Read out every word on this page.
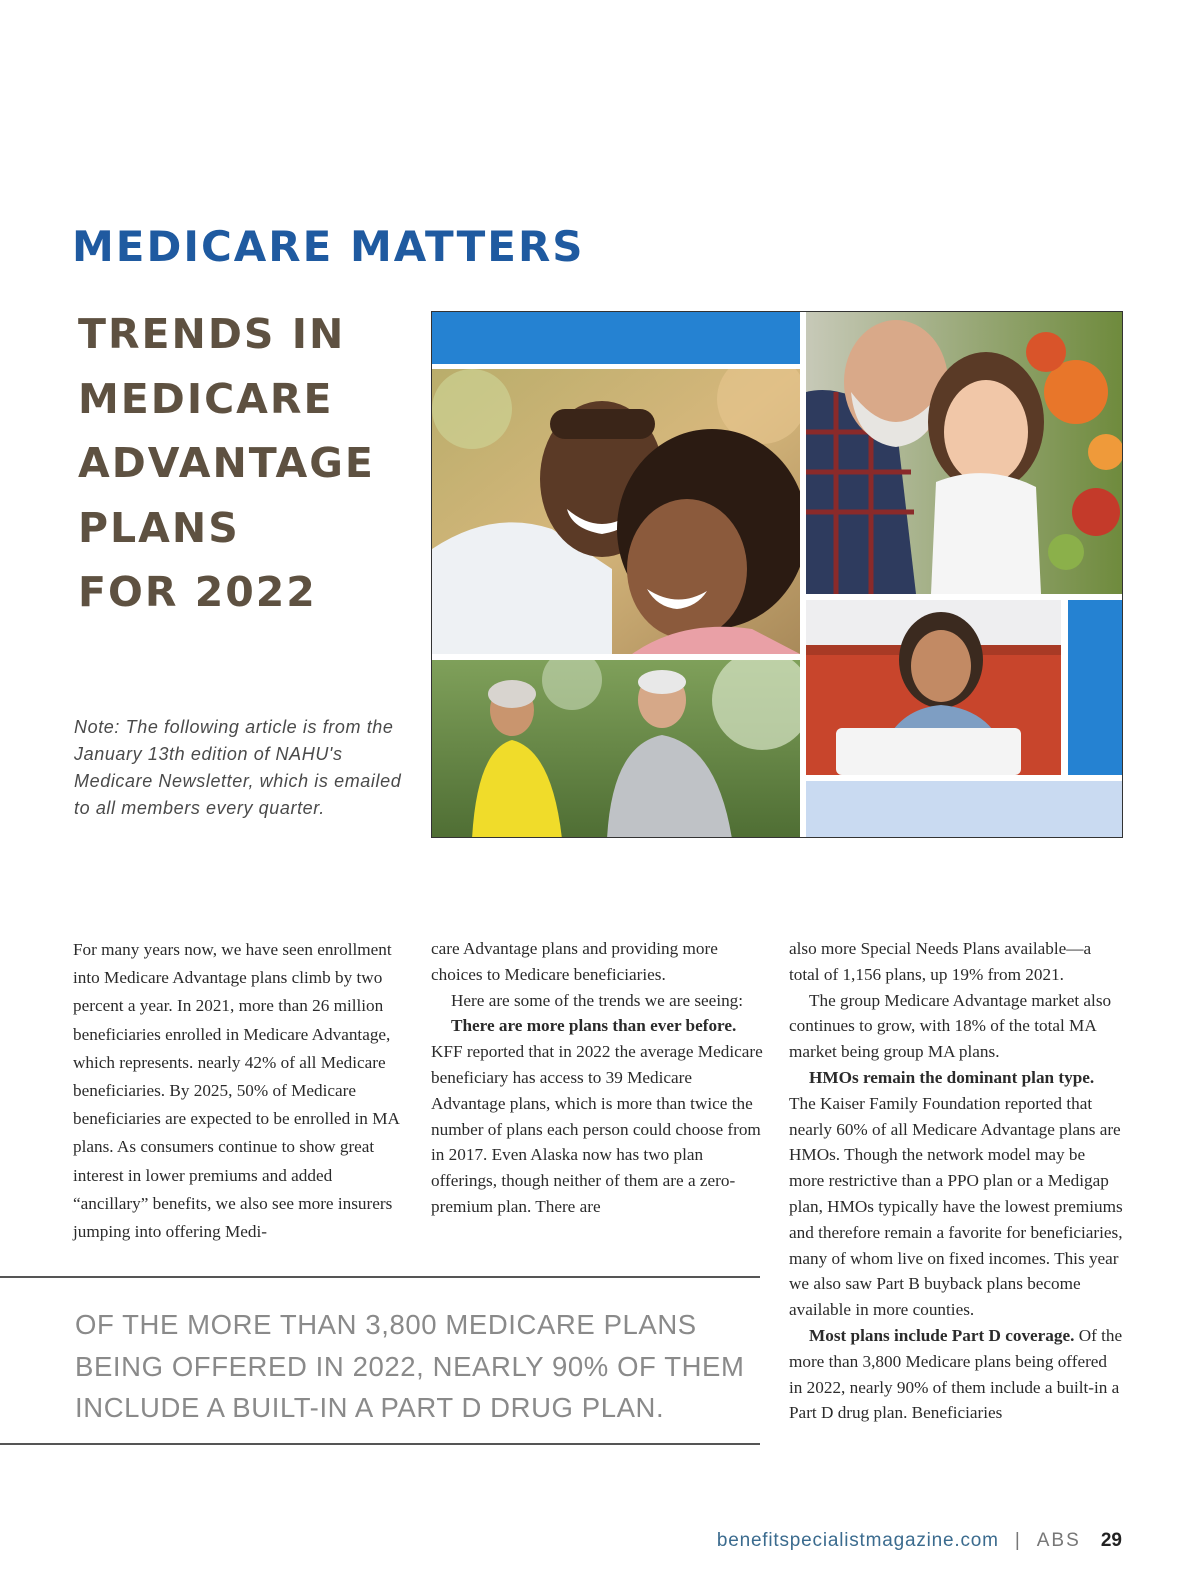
MEDICARE MATTERS
TRENDS IN
MEDICARE
ADVANTAGE
PLANS
FOR 2022
Note: The following article is from the January 13th edition of NAHU's Medicare Newsletter, which is emailed to all members every quarter.

For many years now, we have seen enrollment into Medicare Advantage plans climb by two percent a year. In 2021, more than 26 million beneficiaries enrolled in Medicare Advantage, which represents. nearly 42% of all Medicare beneficiaries. By 2025, 50% of Medicare beneficiaries are expected to be enrolled in MA plans. As consumers continue to show great interest in lower premiums and added “ancillary” benefits, we also see more insurers jumping into offering Medi-

care Advantage plans and providing more choices to Medicare beneficiaries.

Here are some of the trends we are seeing:

There are more plans than ever before. KFF reported that in 2022 the average Medicare beneficiary has access to 39 Medicare Advantage plans, which is more than twice the number of plans each person could choose from in 2017. Even Alaska now has two plan offerings, though neither of them are a zero-premium plan. There are

also more Special Needs Plans available—a total of 1,156 plans, up 19% from 2021.

The group Medicare Advantage market also continues to grow, with 18% of the total MA market being group MA plans.

HMOs remain the dominant plan type. The Kaiser Family Foundation reported that nearly 60% of all Medicare Advantage plans are HMOs. Though the network model may be more restrictive than a PPO plan or a Medigap plan, HMOs typically have the lowest premiums and therefore remain a favorite for beneficiaries, many of whom live on fixed incomes. This year we also saw Part B buyback plans become available in more counties.

Most plans include Part D coverage. Of the more than 3,800 Medicare plans being offered in 2022, nearly 90% of them include a built-in a Part D drug plan. Beneficiaries

OF THE MORE THAN 3,800 MEDICARE PLANS BEING OFFERED IN 2022, NEARLY 90% OF THEM INCLUDE A BUILT-IN A PART D DRUG PLAN.
benefitspecialistmagazine.com | ABS 29
